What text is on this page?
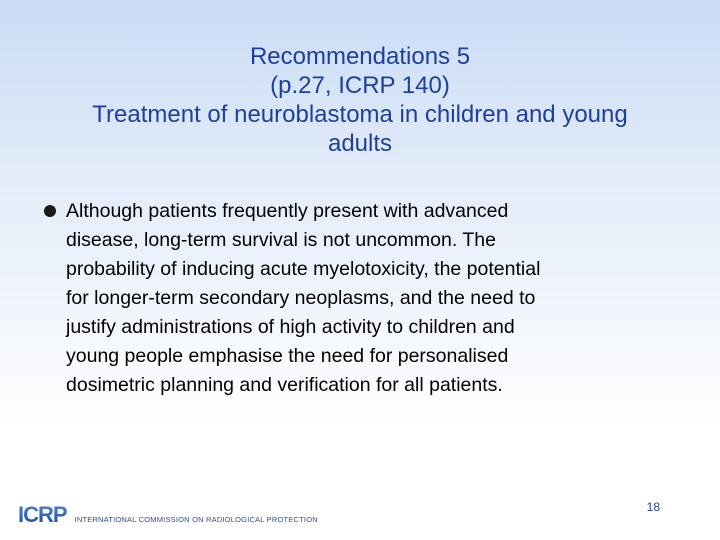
Recommendations 5
(p.27, ICRP 140)
Treatment of neuroblastoma in children and young
adults
Although patients frequently present with advanced
disease, long-term survival is not uncommon. The
probability of inducing acute myelotoxicity, the potential
for longer-term secondary neoplasms, and the need to
justify administrations of high activity to children and
young people emphasise the need for personalised
dosimetric planning and verification for all patients.
18
ICRP INTERNATIONAL COMMISSION ON RADIOLOGICAL PROTECTION
